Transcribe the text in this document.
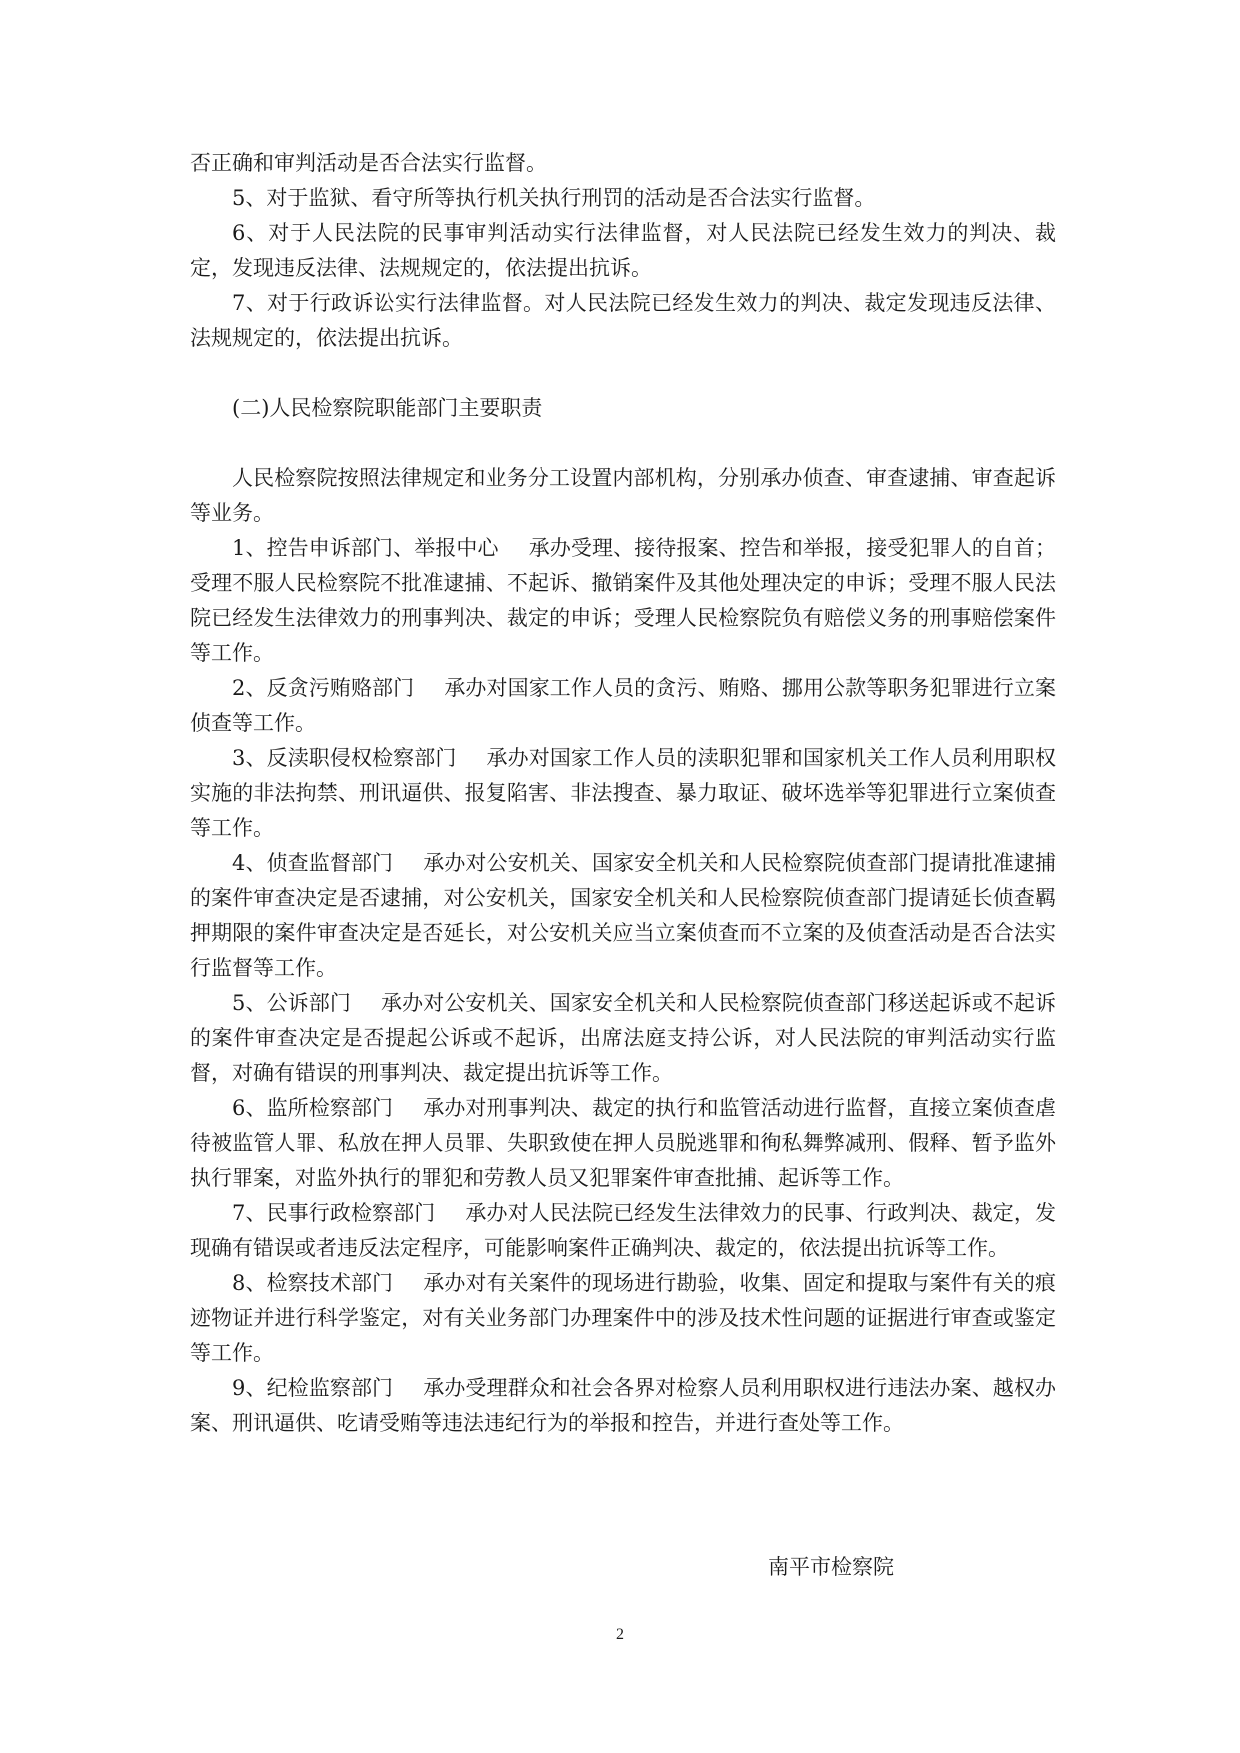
否正确和审判活动是否合法实行监督。

5、对于监狱、看守所等执行机关执行刑罚的活动是否合法实行监督。

6、对于人民法院的民事审判活动实行法律监督，对人民法院已经发生效力的判决、裁定，发现违反法律、法规规定的，依法提出抗诉。

7、对于行政诉讼实行法律监督。对人民法院已经发生效力的判决、裁定发现违反法律、法规规定的，依法提出抗诉。

(二)人民检察院职能部门主要职责

人民检察院按照法律规定和业务分工设置内部机构，分别承办侦查、审查逮捕、审查起诉等业务。

1、控告申诉部门、举报中心 承办受理、接待报案、控告和举报，接受犯罪人的自首；受理不服人民检察院不批准逮捕、不起诉、撤销案件及其他处理决定的申诉；受理不服人民法院已经发生法律效力的刑事判决、裁定的申诉；受理人民检察院负有赔偿义务的刑事赔偿案件等工作。

2、反贪污贿赂部门 承办对国家工作人员的贪污、贿赂、挪用公款等职务犯罪进行立案侦查等工作。

3、反渎职侵权检察部门 承办对国家工作人员的渎职犯罪和国家机关工作人员利用职权实施的非法拘禁、刑讯逼供、报复陷害、非法搜查、暴力取证、破坏选举等犯罪进行立案侦查等工作。

4、侦查监督部门 承办对公安机关、国家安全机关和人民检察院侦查部门提请批准逮捕的案件审查决定是否逮捕，对公安机关，国家安全机关和人民检察院侦查部门提请延长侦查羁押期限的案件审查决定是否延长，对公安机关应当立案侦查而不立案的及侦查活动是否合法实行监督等工作。

5、公诉部门 承办对公安机关、国家安全机关和人民检察院侦查部门移送起诉或不起诉的案件审查决定是否提起公诉或不起诉，出席法庭支持公诉，对人民法院的审判活动实行监督，对确有错误的刑事判决、裁定提出抗诉等工作。

6、监所检察部门 承办对刑事判决、裁定的执行和监管活动进行监督，直接立案侦查虐待被监管人罪、私放在押人员罪、失职致使在押人员脱逃罪和徇私舞弊减刑、假释、暂予监外执行罪案，对监外执行的罪犯和劳教人员又犯罪案件审查批捕、起诉等工作。

7、民事行政检察部门 承办对人民法院已经发生法律效力的民事、行政判决、裁定，发现确有错误或者违反法定程序，可能影响案件正确判决、裁定的，依法提出抗诉等工作。

8、检察技术部门 承办对有关案件的现场进行勘验，收集、固定和提取与案件有关的痕迹物证并进行科学鉴定，对有关业务部门办理案件中的涉及技术性问题的证据进行审查或鉴定等工作。

9、纪检监察部门 承办受理群众和社会各界对检察人员利用职权进行违法办案、越权办案、刑讯逼供、吃请受贿等违法违纪行为的举报和控告，并进行查处等工作。

南平市检察院

2
